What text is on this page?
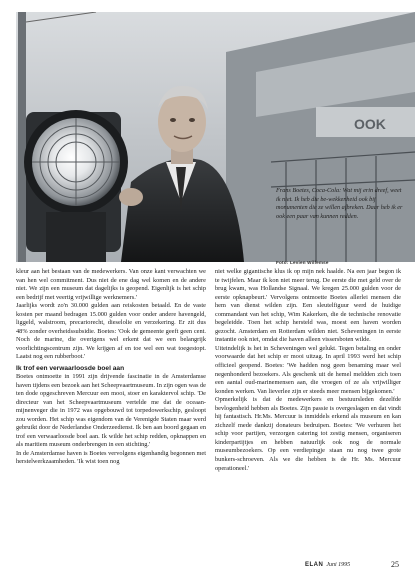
OOK
Frans Boetes, Coca-Cola: Wat mij erin dreef, weet ik niet. Ik heb die be-wekkenheid ook bij monumenten die ze willen afbreken. Daar heb ik er ook een paar van kunnen redden.
Foto: Levien Willemse

kleur aan het bestaan van de medewerkers. Van onze kant verwachten we van hen wel commitment. Dus niet de ene dag wel komen en de andere niet. We zijn een museum dat dagelijks is geopend. Eigenlijk is het schip een bedrijf met veertig vrijwillige werknemers.'

Jaarlijks wordt zo'n 30.000 gulden aan reiskosten betaald. En de vaste kosten per maand bedragen 15.000 gulden voor onder andere havengeld, liggeld, walstroom, precariorecht, dieselolie en verzekering. Er zit dus 48% zonder overheidssubsidie. Boetes: 'Ook de gemeente geeft geen cent. Noch de marine, die overigens wel erkent dat we een belangrijk voorlichtingscentrum zijn. We krijgen af en toe wel een wat toegestopt. Laatst nog een rubberboot.'

Ik trof een verwaarloosde boel aan

Boetes ontmoette in 1991 zijn drijvende fascinatie in de Amsterdamse haven tijdens een bezoek aan het Scheepvaartmuseum. In zijn ogen was de ten dode opgeschreven Mercuur een mooi, stoer en karaktervol schip. 'De directeur van het Scheepvaartmuseum vertelde me dat de oceaan-mijnenveger die in 1972 was opgebouwd tot torpedowerkschip, gesloopt zou worden. Het schip was eigendom van de Verenigde Staten maar werd gebruikt door de Nederlandse Onderzeedienst. Ik ben aan boord gegaan en trof een verwaarloosde boel aan. Ik wilde het schip redden, opknappen en als maritiem museum onderbrengen in een stichting.'

In de Amsterdamse haven is Boetes vervolgens eigenhandig begonnen met herstelwerkzaamheden. 'Ik wist toen nog

niet welke gigantische klus ik op mijn nek haalde. Na een jaar begon ik te twijfelen. Maar ik kon niet meer terug. De eerste die met geld over de brug kwam, was Hollandse Signaal. We kregen 25.000 gulden voor de eerste opknapbeurt.' Vervolgens ontmoette Boetes allerlei mensen die hem van dienst wilden zijn. Een sleutelfiguur werd de huidige commandant van het schip, Wim Kakerken, die de technische renovatie begeleidde. Toen het schip hersteld was, moest een haven worden gezocht. Amsterdam en Rotterdam wilden niet. Scheveningen in eerste instantie ook niet, omdat die haven alleen vissersboten wilde.

Uiteindelijk is het in Scheveningen wel gelukt. Tegen betaling en onder voorwaarde dat het schip er mooi uitzag. In april 1993 werd het schip officieel geopend. Boetes: 'We hadden nog geen benaming maar wel negenhonderd bezoekers. Als geschenk uit de hemel meldden zich toen een aantal oud-marinemensen aan, die vroegen of ze als vrijwilliger konden werken. Van lieverlee zijn er steeds meer mensen bijgekomen.'

Opmerkelijk is dat de medewerkers en bestuursleden dezelfde bevlogenheid hebben als Boetes. Zijn passie is overgeslagen en dat vindt hij fantastisch. Hr.Ms. Mercuur is inmiddels erkend als museum en kan zichzelf mede dankzij donateurs bedruipen. Boetes: 'We verhuren het schip voor partijen, verzorgen catering tot zestig mensen, organiseren kinderpartijtjes en hebben natuurlijk ook nog de normale museumbezoekers. Op een verdiepingje staan nu nog twee grote bunkers-schroeven. Als we die hebben is de Hr. Ms. Mercuur operationeel.'

ELAN Juni 1995	25
